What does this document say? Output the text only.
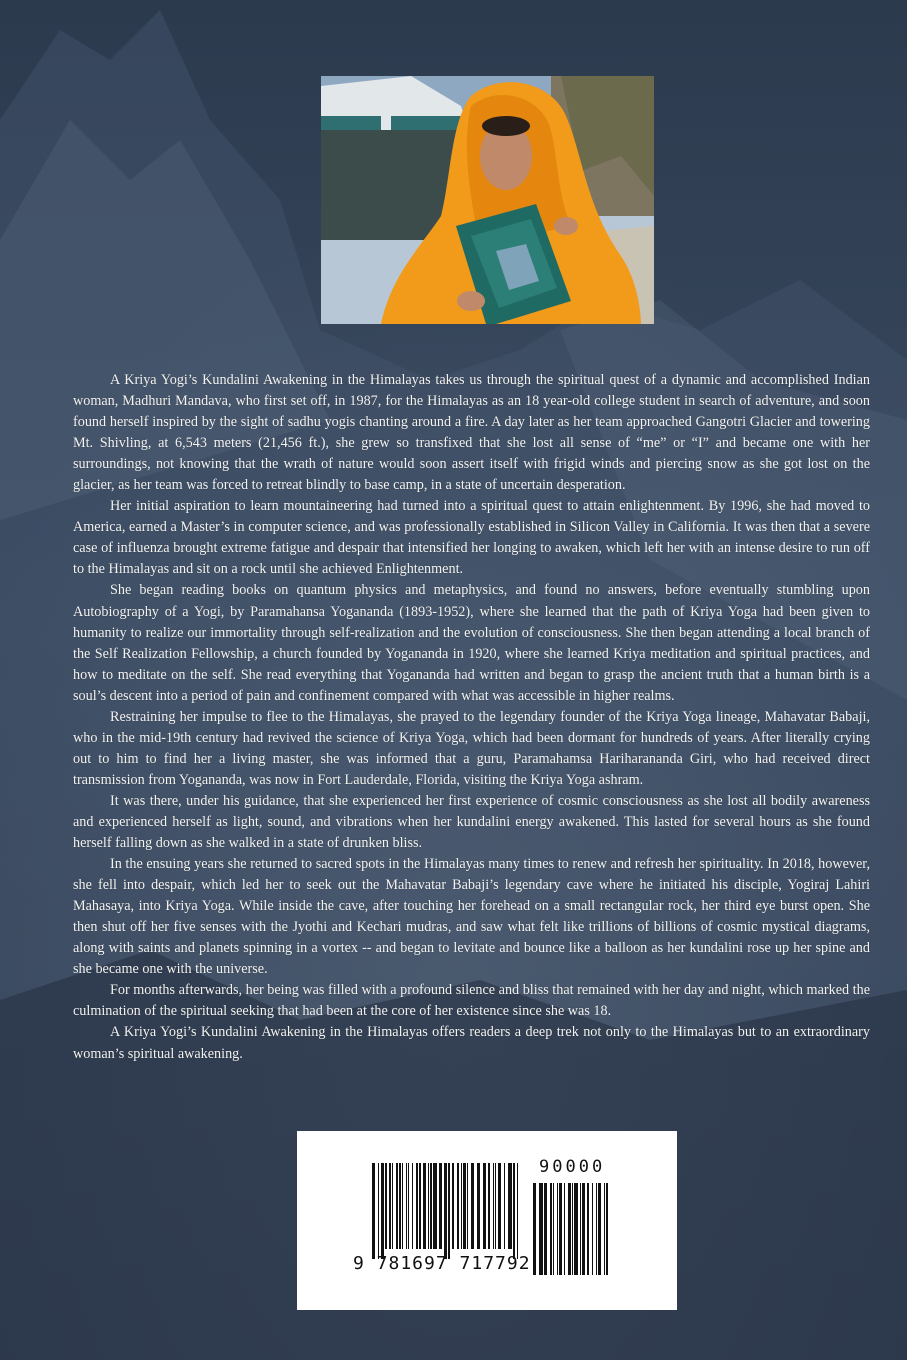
A Kriya Yogi’s Kundalini Awakening in the Himalayas takes us through the spiritual quest of a dynamic and accomplished Indian woman, Madhuri Mandava, who first set off, in 1987, for the Himalayas as an 18 year-old college student in search of adventure, and soon found herself inspired by the sight of sadhu yogis chanting around a fire. A day later as her team approached Gangotri Glacier and towering Mt. Shivling, at 6,543 meters (21,456 ft.), she grew so transfixed that she lost all sense of “me” or “I” and became one with her surroundings, not knowing that the wrath of nature would soon assert itself with frigid winds and piercing snow as she got lost on the glacier, as her team was forced to retreat blindly to base camp, in a state of uncertain desperation.

Her initial aspiration to learn mountaineering had turned into a spiritual quest to attain enlightenment. By 1996, she had moved to America, earned a Master’s in computer science, and was professionally established in Silicon Valley in California. It was then that a severe case of influenza brought extreme fatigue and despair that intensified her longing to awaken, which left her with an intense desire to run off to the Himalayas and sit on a rock until she achieved Enlightenment.

She began reading books on quantum physics and metaphysics, and found no answers, before eventually stumbling upon Autobiography of a Yogi, by Paramahansa Yogananda (1893-1952), where she learned that the path of Kriya Yoga had been given to humanity to realize our immortality through self-realization and the evolution of consciousness. She then began attending a local branch of the Self Realization Fellowship, a church founded by Yogananda in 1920, where she learned Kriya meditation and spiritual practices, and how to meditate on the self. She read everything that Yogananda had written and began to grasp the ancient truth that a human birth is a soul’s descent into a period of pain and confinement compared with what was accessible in higher realms.

Restraining her impulse to flee to the Himalayas, she prayed to the legendary founder of the Kriya Yoga lineage, Mahavatar Babaji, who in the mid-19th century had revived the science of Kriya Yoga, which had been dormant for hundreds of years. After literally crying out to him to find her a living master, she was informed that a guru, Paramahamsa Hariharananda Giri, who had received direct transmission from Yogananda, was now in Fort Lauderdale, Florida, visiting the Kriya Yoga ashram.

It was there, under his guidance, that she experienced her first experience of cosmic consciousness as she lost all bodily awareness and experienced herself as light, sound, and vibrations when her kundalini energy awakened. This lasted for several hours as she found herself falling down as she walked in a state of drunken bliss.

In the ensuing years she returned to sacred spots in the Himalayas many times to renew and refresh her spirituality. In 2018, however, she fell into despair, which led her to seek out the Mahavatar Babaji’s legendary cave where he initiated his disciple, Yogiraj Lahiri Mahasaya, into Kriya Yoga. While inside the cave, after touching her forehead on a small rectangular rock, her third eye burst open. She then shut off her five senses with the Jyothi and Kechari mudras, and saw what felt like trillions of billions of cosmic mystical diagrams, along with saints and planets spinning in a vortex -- and began to levitate and bounce like a balloon as her kundalini rose up her spine and she became one with the universe.

For months afterwards, her being was filled with a profound silence and bliss that remained with her day and night, which marked the culmination of the spiritual seeking that had been at the core of her existence since she was 18.

A Kriya Yogi’s Kundalini Awakening in the Himalayas offers readers a deep trek not only to the Himalayas but to an extraordinary woman’s spiritual awakening.

90000
9 781697 717792
